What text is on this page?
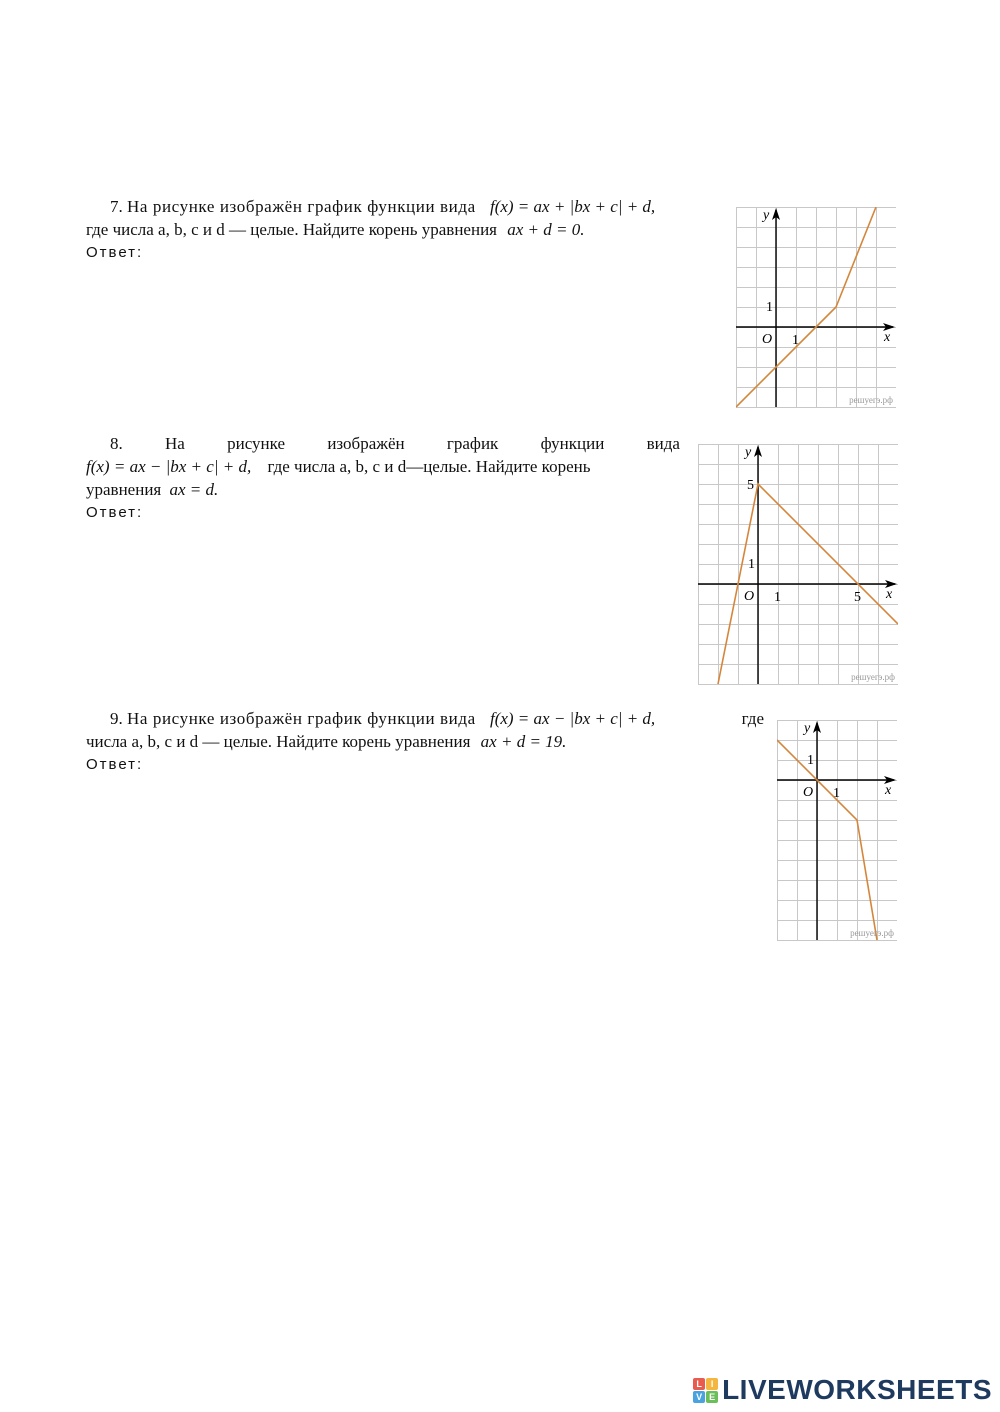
7. На рисунке изображён график функции вида f(x) = ax + |bx + c| + d,
где числа a, b, c и d — целые. Найдите корень уравнения ax + d = 0.
Ответ:
x
y
O 1
1
решуегэ.рф
8. На рисунке изображён график функции вида
f(x) = ax − |bx + c| + d, где числа a, b, c и d—целые. Найдите корень
уравнения ax = d.
Ответ:
x
y
O 1
1
5
5
решуегэ.рф
9. На рисунке изображён график функции вида f(x) = ax − |bx + c| + d,	где
числа a, b, c и d — целые. Найдите корень уравнения ax + d = 19.
Ответ:
x
y
O 1
1
решуегэ.рф
L I
V E LIVEWORKSHEETS
